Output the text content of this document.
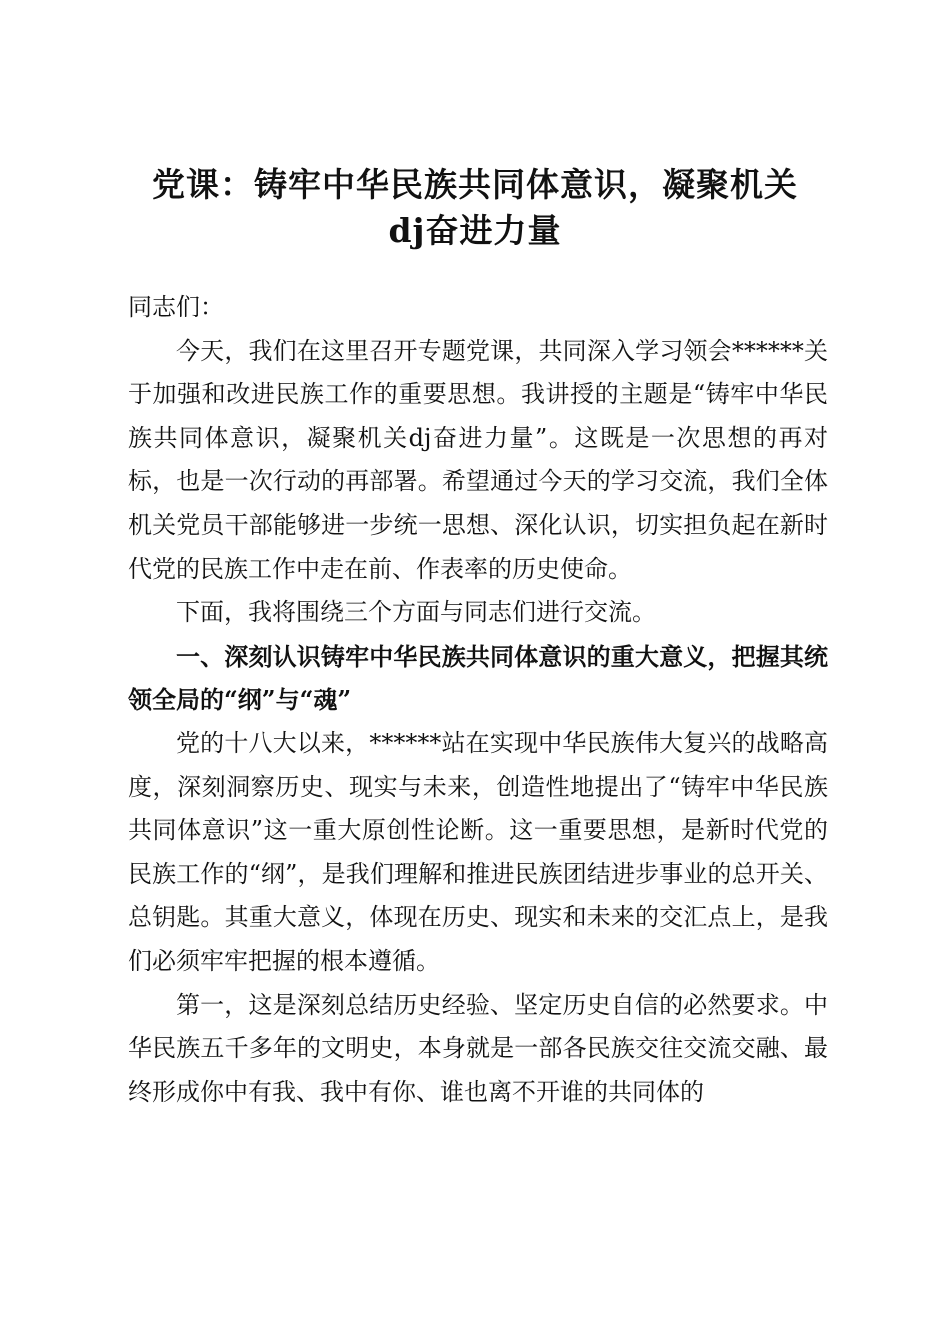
党课：铸牢中华民族共同体意识，凝聚机关
dj奋进力量

同志们：

今天，我们在这里召开专题党课，共同深入学习领会******关于加强和改进民族工作的重要思想。我讲授的主题是“铸牢中华民族共同体意识，凝聚机关dj奋进力量”。这既是一次思想的再对标，也是一次行动的再部署。希望通过今天的学习交流，我们全体机关党员干部能够进一步统一思想、深化认识，切实担负起在新时代党的民族工作中走在前、作表率的历史使命。

下面，我将围绕三个方面与同志们进行交流。

一、深刻认识铸牢中华民族共同体意识的重大意义，把握其统领全局的“纲”与“魂”

党的十八大以来，******站在实现中华民族伟大复兴的战略高度，深刻洞察历史、现实与未来，创造性地提出了“铸牢中华民族共同体意识”这一重大原创性论断。这一重要思想，是新时代党的民族工作的“纲”，是我们理解和推进民族团结进步事业的总开关、总钥匙。其重大意义，体现在历史、现实和未来的交汇点上，是我们必须牢牢把握的根本遵循。

第一，这是深刻总结历史经验、坚定历史自信的必然要求。中华民族五千多年的文明史，本身就是一部各民族交往交流交融、最终形成你中有我、我中有你、谁也离不开谁的共同体的
